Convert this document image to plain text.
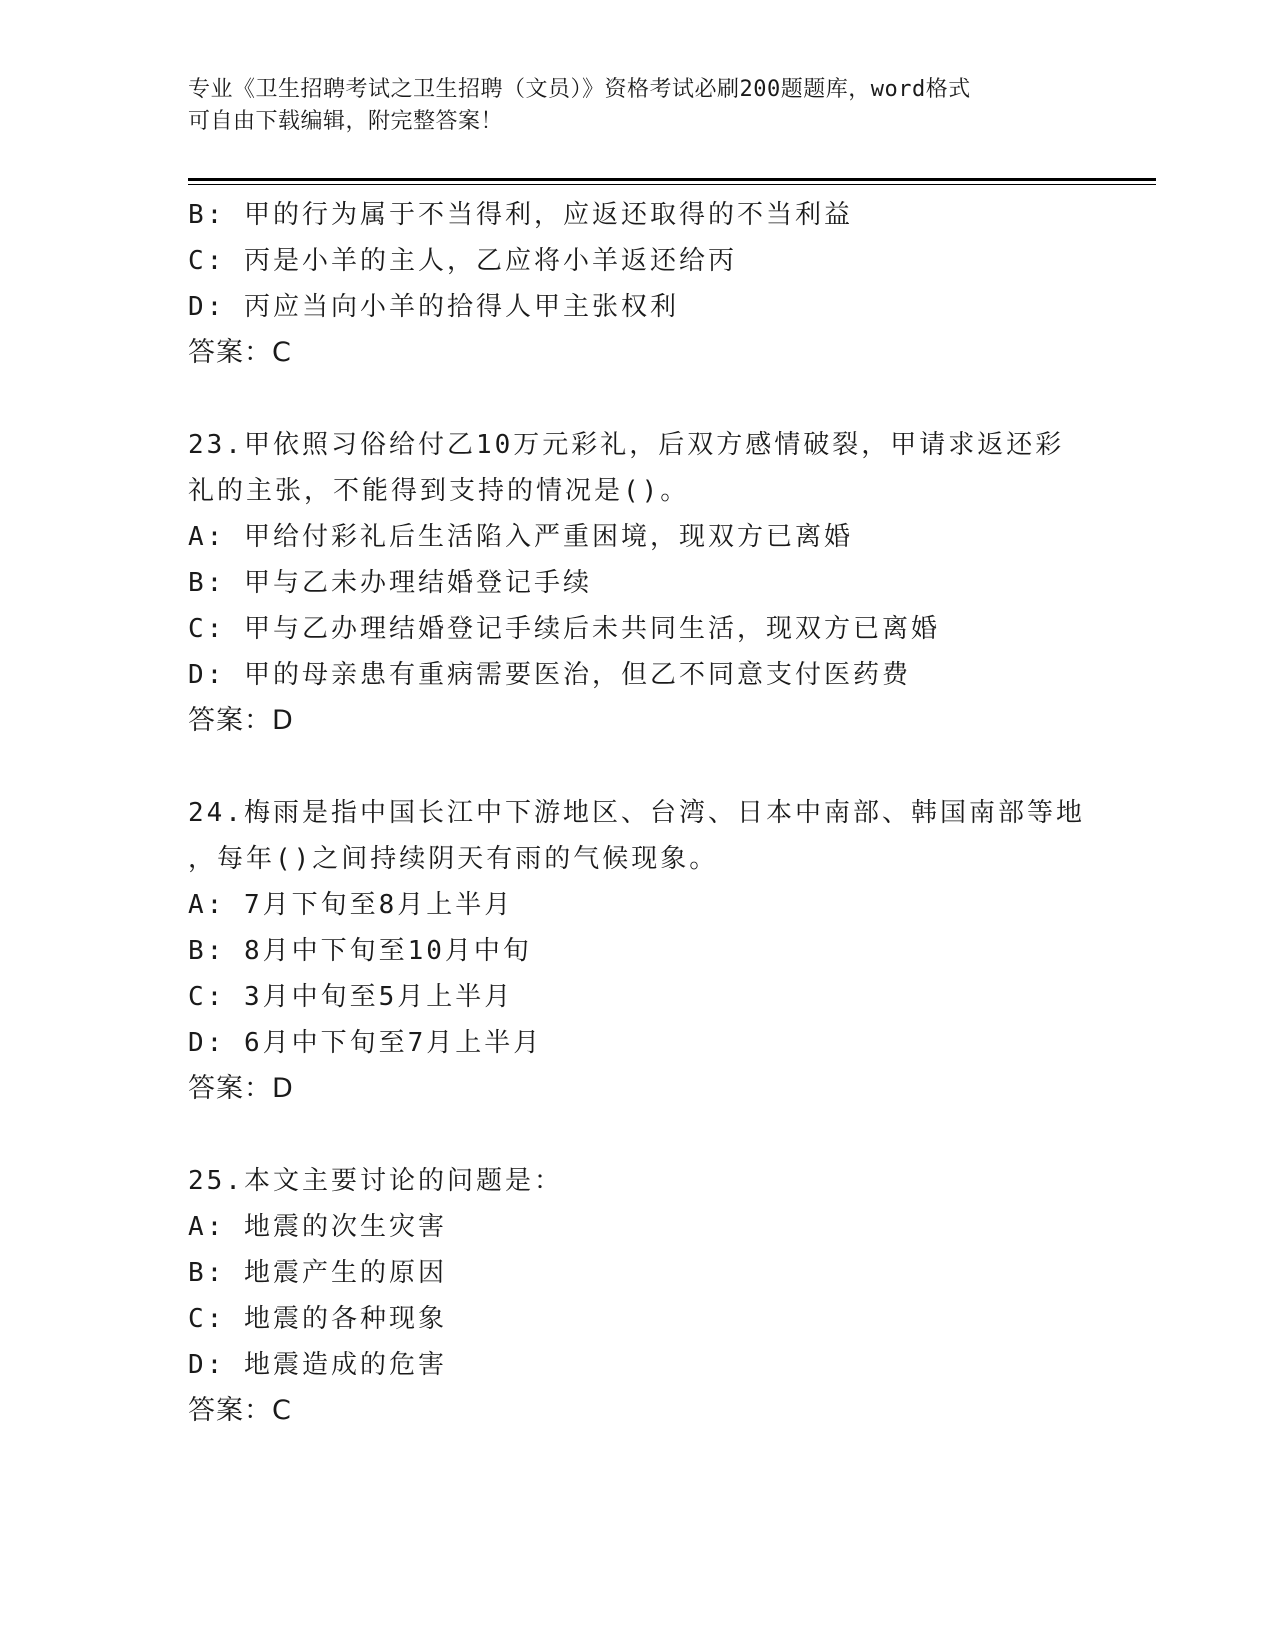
专业《卫生招聘考试之卫生招聘（文员）》资格考试必刷200题题库，word格式
可自由下载编辑，附完整答案！
B: 甲的行为属于不当得利，应返还取得的不当利益
C: 丙是小羊的主人，乙应将小羊返还给丙
D: 丙应当向小羊的拾得人甲主张权利
答案：C
23.甲依照习俗给付乙10万元彩礼，后双方感情破裂，甲请求返还彩
礼的主张，不能得到支持的情况是()。
A: 甲给付彩礼后生活陷入严重困境，现双方已离婚
B: 甲与乙未办理结婚登记手续
C: 甲与乙办理结婚登记手续后未共同生活，现双方已离婚
D: 甲的母亲患有重病需要医治，但乙不同意支付医药费
答案：D
24.梅雨是指中国长江中下游地区、台湾、日本中南部、韩国南部等地
，每年()之间持续阴天有雨的气候现象。
A: 7月下旬至8月上半月
B: 8月中下旬至10月中旬
C: 3月中旬至5月上半月
D: 6月中下旬至7月上半月
答案：D
25.本文主要讨论的问题是：
A: 地震的次生灾害
B: 地震产生的原因
C: 地震的各种现象
D: 地震造成的危害
答案：C
